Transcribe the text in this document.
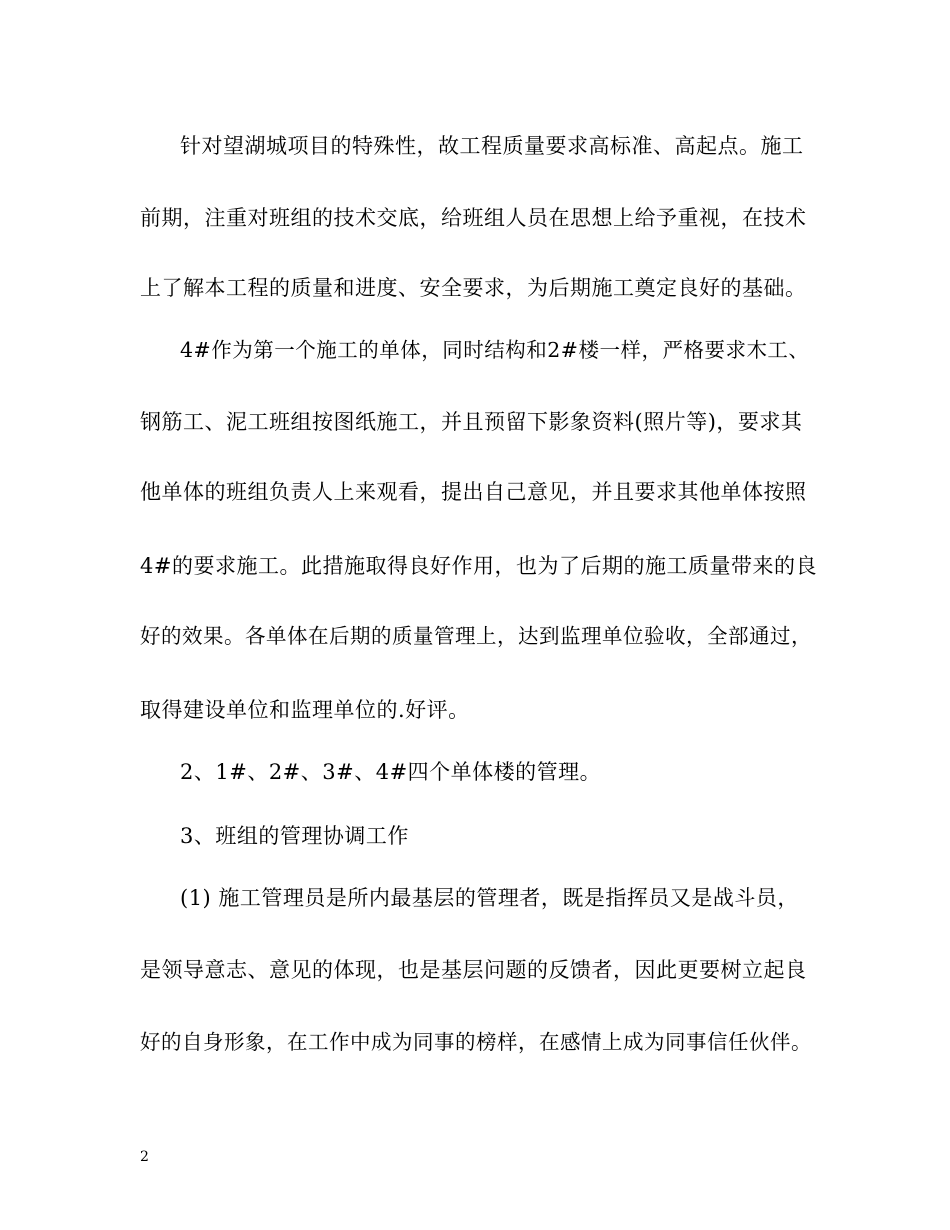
针对望湖城项目的特殊性，故工程质量要求高标准、高起点。施工
前期，注重对班组的技术交底，给班组人员在思想上给予重视，在技术
上了解本工程的质量和进度、安全要求，为后期施工奠定良好的基础。
4#作为第一个施工的单体，同时结构和2#楼一样，严格要求木工、
钢筋工、泥工班组按图纸施工，并且预留下影象资料(照片等)，要求其
他单体的班组负责人上来观看，提出自己意见，并且要求其他单体按照
4#的要求施工。此措施取得良好作用，也为了后期的施工质量带来的良
好的效果。各单体在后期的质量管理上，达到监理单位验收，全部通过，
取得建设单位和监理单位的.好评。
2、1#、2#、3#、4#四个单体楼的管理。
3、班组的管理协调工作
(1) 施工管理员是所内最基层的管理者，既是指挥员又是战斗员，
是领导意志、意见的体现，也是基层问题的反馈者，因此更要树立起良
好的自身形象，在工作中成为同事的榜样，在感情上成为同事信任伙伴。
2
